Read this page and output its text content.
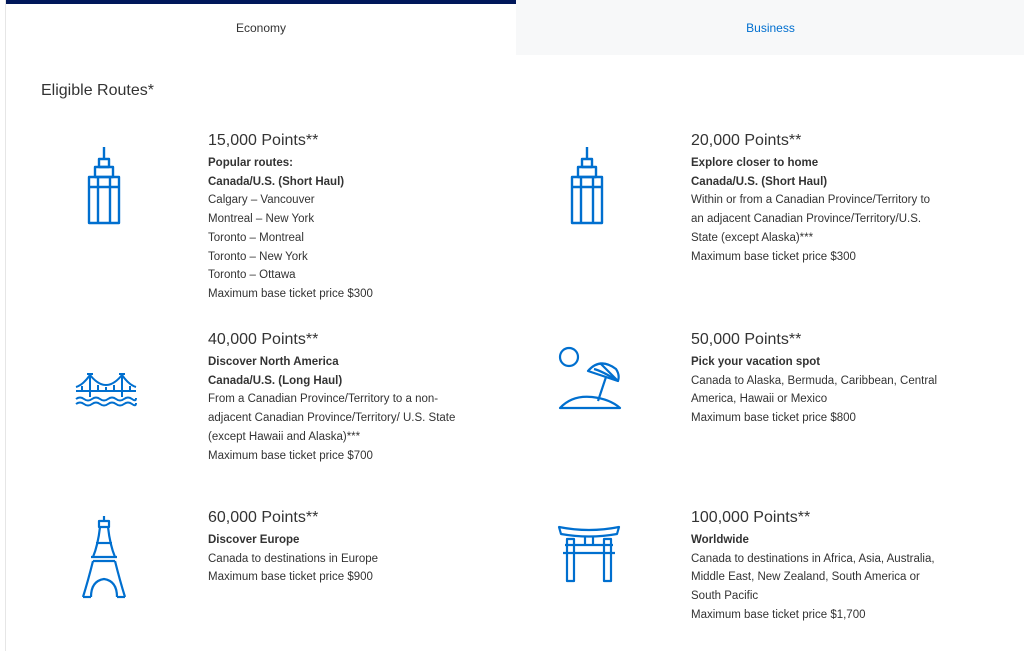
Economy	Business
Eligible Routes*
15,000 Points**
Popular routes:
Canada/U.S. (Short Haul)
Calgary – Vancouver
Montreal – New York
Toronto – Montreal
Toronto – New York
Toronto – Ottawa
Maximum base ticket price $300
20,000 Points**
Explore closer to home
Canada/U.S. (Short Haul)
Within or from a Canadian Province/Territory to
an adjacent Canadian Province/Territory/U.S.
State (except Alaska)***
Maximum base ticket price $300
40,000 Points**
Discover North America
Canada/U.S. (Long Haul)
From a Canadian Province/Territory to a non-
adjacent Canadian Province/Territory/ U.S. State
(except Hawaii and Alaska)***
Maximum base ticket price $700
50,000 Points**
Pick your vacation spot
Canada to Alaska, Bermuda, Caribbean, Central
America, Hawaii or Mexico
Maximum base ticket price $800
60,000 Points**
Discover Europe
Canada to destinations in Europe
Maximum base ticket price $900
100,000 Points**
Worldwide
Canada to destinations in Africa, Asia, Australia,
Middle East, New Zealand, South America or
South Pacific
Maximum base ticket price $1,700
